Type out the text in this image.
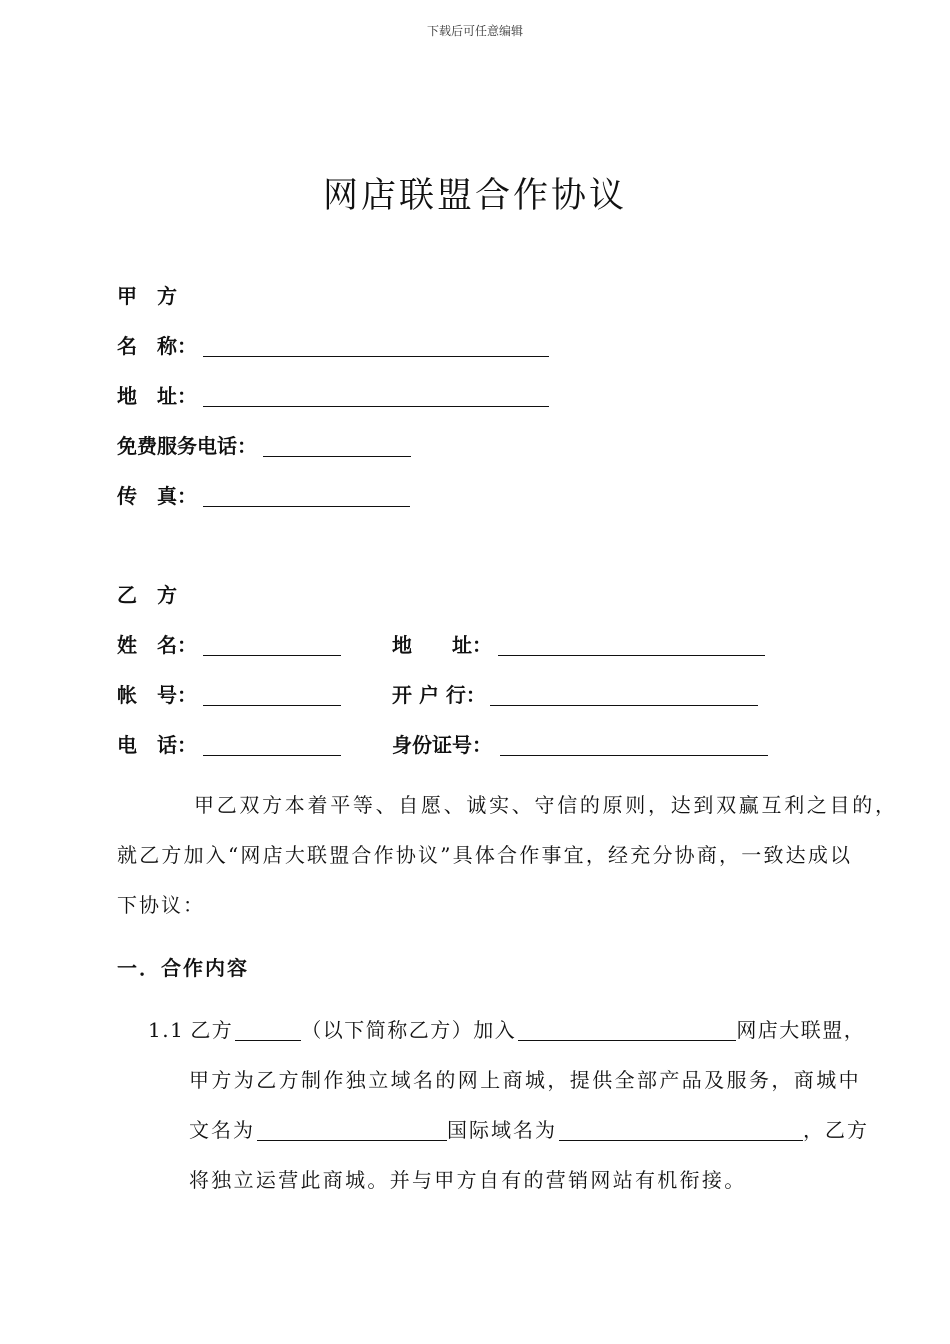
下载后可任意编辑
网店联盟合作协议
甲　方
名　称：
地　址：
免费服务电话：
传　真：
乙　方
姓　名：	地　　址：
帐　号：	开 户 行：
电　话：	身份证号：
甲乙双方本着平等、自愿、诚实、守信的原则，达到双赢互利之目的，
就乙方加入“网店大联盟合作协议”具体合作事宜，经充分协商，一致达成以
下协议：
一．合作内容
1.1 乙方	（以下简称乙方）加入	网店大联盟，
甲方为乙方制作独立域名的网上商城，提供全部产品及服务，商城中
文名为	国际域名为	，乙方
将独立运营此商城。并与甲方自有的营销网站有机衔接。
